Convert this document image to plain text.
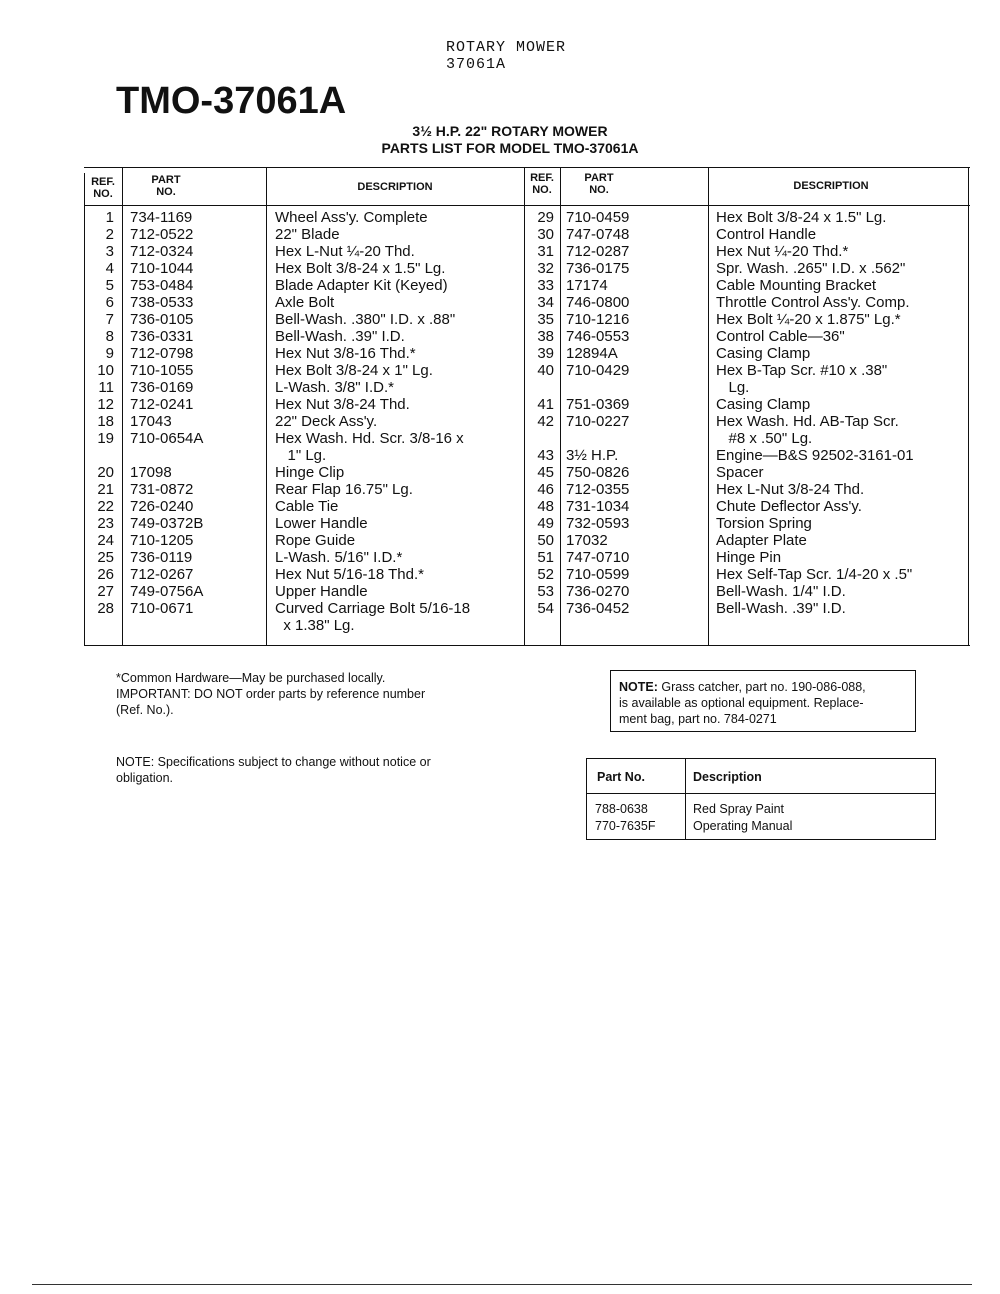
ROTARY MOWER
37061A
TMO-37061A
3½ H.P. 22" ROTARY MOWER
PARTS LIST FOR MODEL TMO-37061A
REF.
NO.
PART
NO.	DESCRIPTION
REF.
NO.
PART
NO.	DESCRIPTION
1 734-1169	Wheel Ass'y. Complete
2 712-0522	22" Blade
3 712-0324	Hex L-Nut ¼-20 Thd.
4 710-1044	Hex Bolt 3/8-24 x 1.5" Lg.
5 753-0484	Blade Adapter Kit (Keyed)
6 738-0533	Axle Bolt
7 736-0105	Bell-Wash. .380" I.D. x .88"
8 736-0331	Bell-Wash. .39" I.D.
9 712-0798	Hex Nut 3/8-16 Thd.*
10 710-1055	Hex Bolt 3/8-24 x 1" Lg.
11 736-0169	L-Wash. 3/8" I.D.*
12 712-0241	Hex Nut 3/8-24 Thd.
18 17043	22" Deck Ass'y.
19 710-0654A	Hex Wash. Hd. Scr. 3/8-16 x
1" Lg.
20 17098	Hinge Clip
21 731-0872	Rear Flap 16.75" Lg.
22 726-0240	Cable Tie
23 749-0372B	Lower Handle
24 710-1205	Rope Guide
25 736-0119	L-Wash. 5/16" I.D.*
26 712-0267	Hex Nut 5/16-18 Thd.*
27 749-0756A	Upper Handle
28 710-0671	Curved Carriage Bolt 5/16-18
x 1.38" Lg.
29 710-0459	Hex Bolt 3/8-24 x 1.5" Lg.
30 747-0748	Control Handle
31 712-0287	Hex Nut ¼-20 Thd.*
32 736-0175	Spr. Wash. .265" I.D. x .562"
33 17174	Cable Mounting Bracket
34 746-0800	Throttle Control Ass'y. Comp.
35 710-1216	Hex Bolt ¼-20 x 1.875" Lg.*
38 746-0553	Control Cable—36"
39 12894A	Casing Clamp
40 710-0429	Hex B-Tap Scr. #10 x .38"
Lg.
41 751-0369	Casing Clamp
42 710-0227	Hex Wash. Hd. AB-Tap Scr.
#8 x .50" Lg.
43 3½ H.P.	Engine—B&S 92502-3161-01
45 750-0826	Spacer
46 712-0355	Hex L-Nut 3/8-24 Thd.
48 731-1034	Chute Deflector Ass'y.
49 732-0593	Torsion Spring
50 17032	Adapter Plate
51 747-0710	Hinge Pin
52 710-0599	Hex Self-Tap Scr. 1/4-20 x .5"
53 736-0270	Bell-Wash. 1/4" I.D.
54 736-0452	Bell-Wash. .39" I.D.
*Common Hardware—May be purchased locally.
IMPORTANT: DO NOT order parts by reference number
(Ref. No.).
NOTE: Specifications subject to change without notice or
obligation.
NOTE: Grass catcher, part no. 190-086-088,
is available as optional equipment. Replace-
ment bag, part no. 784-0271
Part No.	Description
788-0638	Red Spray Paint
770-7635F	Operating Manual
